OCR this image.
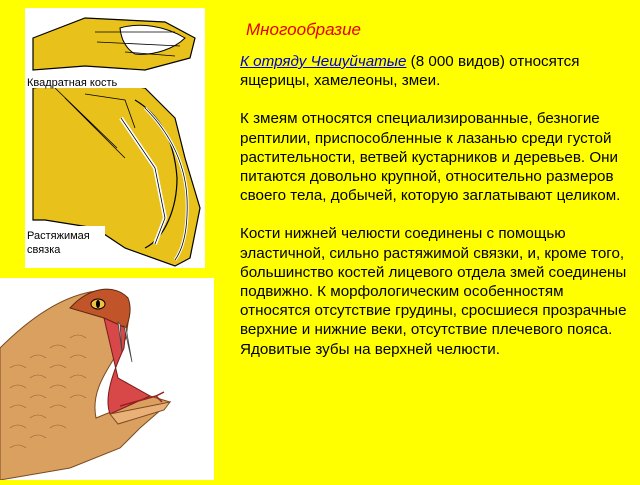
Многообразие

К отряду Чешуйчатые (8 000 видов) относятся ящерицы, хамелеоны, змеи.

К змеям относятся специализированные, безногие рептилии, приспособленные к лазанью среди густой растительности, ветвей кустарников и деревьев. Они питаются довольно крупной, относительно размеров своего тела, добычей, которую заглатывают целиком.

Кости нижней челюсти соединены с помощью эластичной, сильно растяжимой связки, и, кроме того, большинство костей лицевого отдела змей соединены подвижно. К морфологическим особенностям относятся отсутствие грудины, сросшиеся прозрачные верхние и нижние веки, отсутствие плечевого пояса. Ядовитые зубы на верхней челюсти.

Квадратная кость
Растяжимая
связка
